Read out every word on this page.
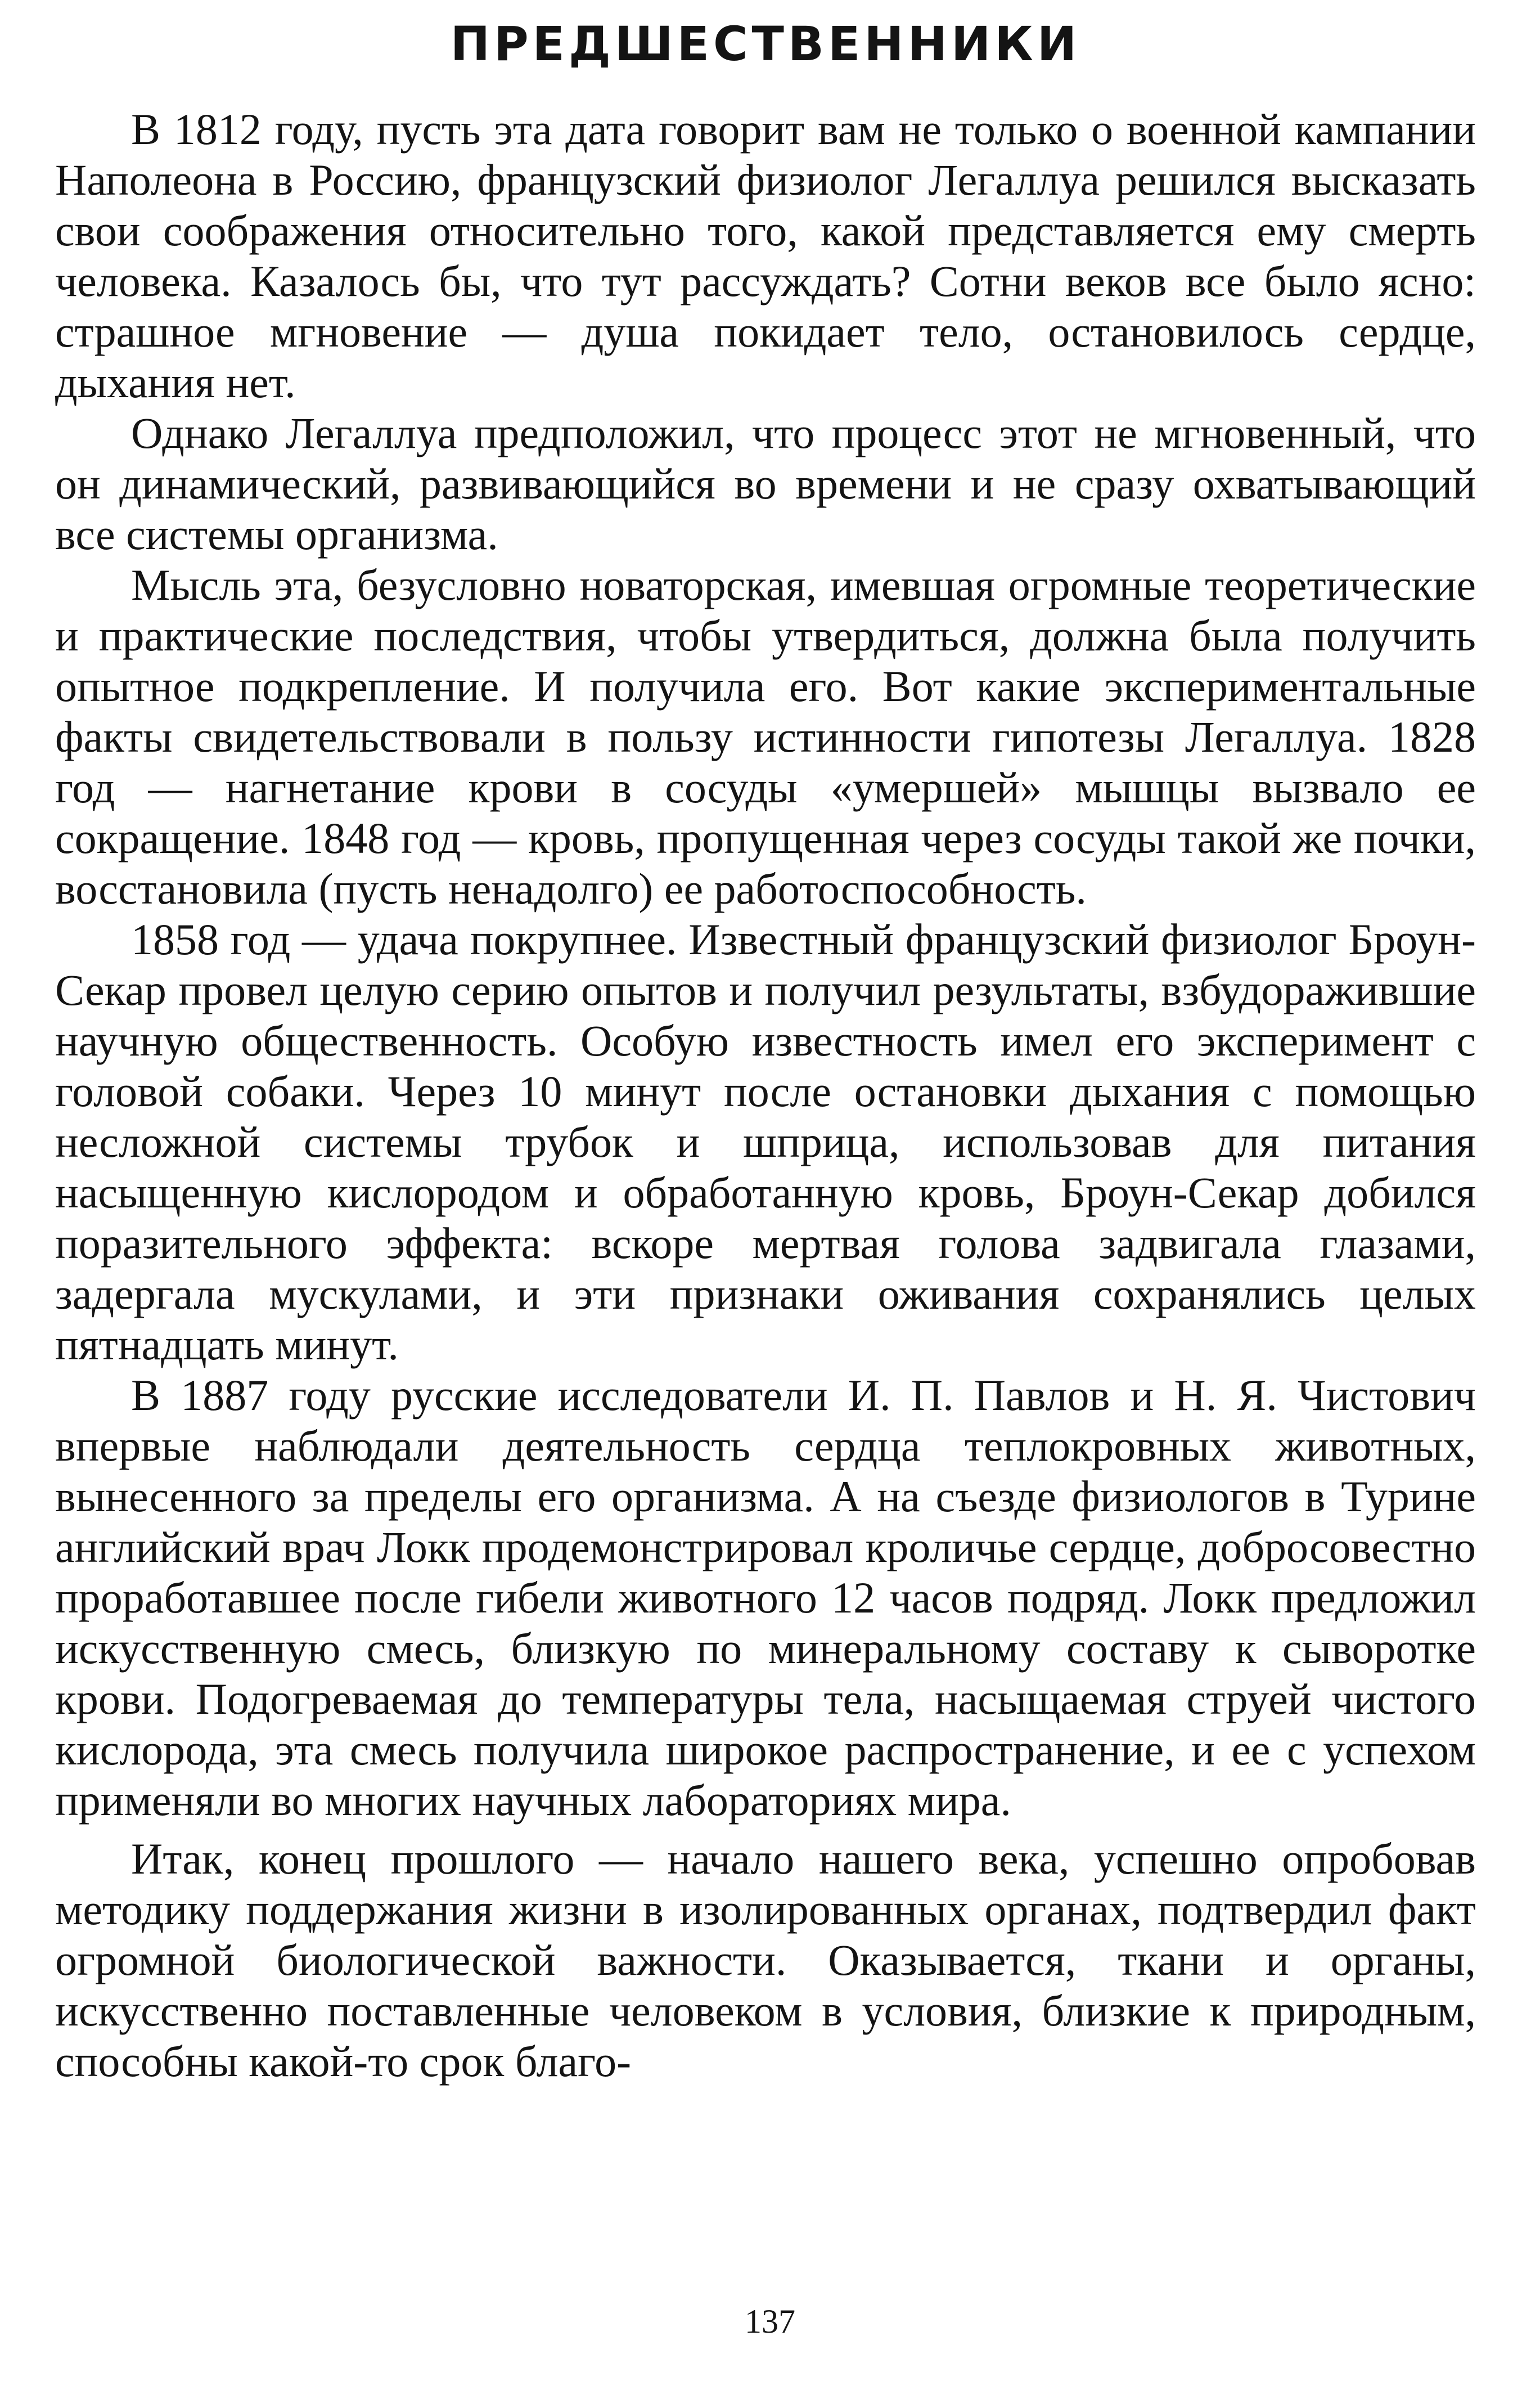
ПРЕДШЕСТВЕННИКИ

В 1812 году, пусть эта дата говорит вам не только о военной кампании Наполеона в Россию, французский физиолог Легаллуа решился высказать свои соображения относительно того, какой представляется ему смерть человека. Казалось бы, что тут рассуждать? Сотни веков все было ясно: страшное мгновение — душа покидает тело, остановилось сердце, дыхания нет.

Однако Легаллуа предположил, что процесс этот не мгновенный, что он динамический, развивающийся во времени и не сразу охватывающий все системы организма.

Мысль эта, безусловно новаторская, имевшая огромные теоретические и практические последствия, чтобы утвердиться, должна была получить опытное подкрепление. И получила его. Вот какие экспериментальные факты свидетельствовали в пользу истинности гипотезы Легаллуа. 1828 год — нагнетание крови в сосуды «умершей» мышцы вызвало ее сокращение. 1848 год — кровь, пропущенная через сосуды такой же почки, восстановила (пусть ненадолго) ее работоспособность.

1858 год — удача покрупнее. Известный французский физиолог Броун-Секар провел целую серию опытов и получил результаты, взбудоражившие научную общественность. Особую известность имел его эксперимент с головой собаки. Через 10 минут после остановки дыхания с помощью несложной системы трубок и шприца, использовав для питания насыщенную кислородом и обработанную кровь, Броун-Секар добился поразительного эффекта: вскоре мертвая голова задвигала глазами, задергала мускулами, и эти признаки оживания сохранялись целых пятнадцать минут.

В 1887 году русские исследователи И. П. Павлов и Н. Я. Чистович впервые наблюдали деятельность сердца теплокровных животных, вынесенного за пределы его организма. А на съезде физиологов в Турине английский врач Локк продемонстрировал кроличье сердце, добросовестно проработавшее после гибели животного 12 часов подряд. Локк предложил искусственную смесь, близкую по минеральному составу к сыворотке крови. Подогреваемая до температуры тела, насыщаемая струей чистого кислорода, эта смесь получила широкое распространение, и ее с успехом применяли во многих научных лабораториях мира.

Итак, конец прошлого — начало нашего века, успешно опробовав методику поддержания жизни в изолированных органах, подтвердил факт огромной биологической важности. Оказывается, ткани и органы, искусственно поставленные человеком в условия, близкие к природным, способны какой-то срок благо-

137
